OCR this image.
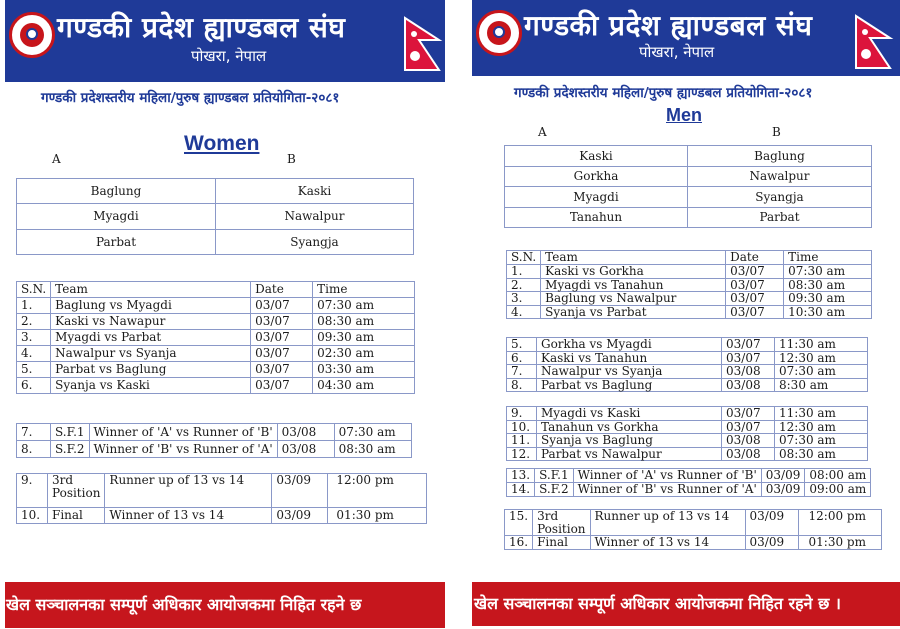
गण्डकी प्रदेश ह्याण्डबल संघ
पोखरा, नेपाल
गण्डकी प्रदेशस्तरीय महिला/पुरुष ह्याण्डबल प्रतियोगिता-२०८१
Women
A	B
Baglung	Kaski
Myagdi	Nawalpur
Parbat	Syangja
S.N.	Team	Date	Time
1.	Baglung vs Myagdi	03/07	07:30 am
2.	Kaski vs Nawapur	03/07	08:30 am
3.	Myagdi vs Parbat	03/07	09:30 am
4.	Nawalpur vs Syanja	03/07	02:30 am
5.	Parbat vs Baglung	03/07	03:30 am
6.	Syanja vs Kaski	03/07	04:30 am
7.	S.F.1	Winner of 'A' vs Runner of 'B'	03/08	07:30 am
8.	S.F.2	Winner of 'B' vs Runner of 'A'	03/08	08:30 am
9.	3rd Position	Runner up of 13 vs 14	03/09	12:00 pm
10.	Final	Winner of 13 vs 14	03/09	01:30 pm
खेल सञ्चालनका सम्पूर्ण अधिकार आयोजकमा निहित रहने छ
गण्डकी प्रदेश ह्याण्डबल संघ
पोखरा, नेपाल
गण्डकी प्रदेशस्तरीय महिला/पुरुष ह्याण्डबल प्रतियोगिता-२०८१
Men
A	B
Kaski	Baglung
Gorkha	Nawalpur
Myagdi	Syangja
Tanahun	Parbat
S.N.	Team	Date	Time
1.	Kaski vs Gorkha	03/07	07:30 am
2.	Myagdi vs Tanahun	03/07	08:30 am
3.	Baglung vs Nawalpur	03/07	09:30 am
4.	Syanja vs Parbat	03/07	10:30 am
5.	Gorkha vs Myagdi	03/07	11:30 am
6.	Kaski vs Tanahun	03/07	12:30 am
7.	Nawalpur vs Syanja	03/08	07:30 am
8.	Parbat vs Baglung	03/08	8:30 am
9.	Myagdi vs Kaski	03/07	11:30 am
10.	Tanahun vs Gorkha	03/07	12:30 am
11.	Syanja vs Baglung	03/08	07:30 am
12.	Parbat vs Nawalpur	03/08	08:30 am
13.	S.F.1	Winner of 'A' vs Runner of 'B'	03/09	08:00 am
14.	S.F.2	Winner of 'B' vs Runner of 'A'	03/09	09:00 am
15.	3rd Position	Runner up of 13 vs 14	03/09	12:00 pm
16.	Final	Winner of 13 vs 14	03/09	01:30 pm
खेल सञ्चालनका सम्पूर्ण अधिकार आयोजकमा निहित रहने छ ।
